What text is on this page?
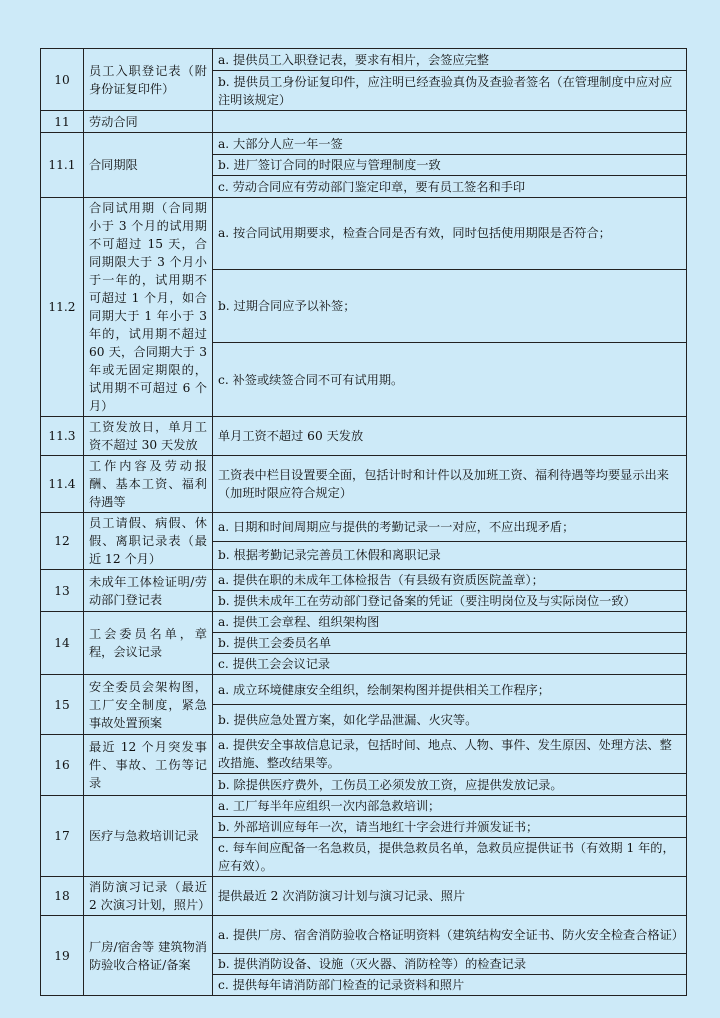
10	员工入职登记表（附身份证复印件）	a. 提供员工入职登记表，要求有相片，会签应完整
		b. 提供员工身份证复印件，应注明已经查验真伪及查验者签名（在管理制度中应对应注明该规定）
11	劳动合同	
11.1	合同期限	a. 大部分人应一年一签
		b. 进厂签订合同的时限应与管理制度一致
		c. 劳动合同应有劳动部门鉴定印章，要有员工签名和手印
11.2	合同试用期（合同期小于 3 个月的试用期不可超过 15 天，合同期限大于 3 个月小于一年的，试用期不可超过 1 个月，如合同期大于 1 年小于 3 年的，试用期不超过 60 天，合同期大于 3 年或无固定期限的，试用期不可超过 6 个月）	a. 按合同试用期要求，检查合同是否有效，同时包括使用期限是否符合；
		b. 过期合同应予以补签；
		c. 补签或续签合同不可有试用期。
11.3	工资发放日，单月工资不超过 30 天发放	单月工资不超过 60 天发放
11.4	工作内容及劳动报酬、基本工资、福利待遇等	工资表中栏目设置要全面，包括计时和计件以及加班工资、福利待遇等均要显示出来（加班时限应符合规定）
12	员工请假、病假、休假、离职记录表（最近 12 个月）	a. 日期和时间周期应与提供的考勤记录一一对应，不应出现矛盾；
		b. 根据考勤记录完善员工休假和离职记录
13	未成年工体检证明/劳动部门登记表	a. 提供在职的未成年工体检报告（有县级有资质医院盖章）；
		b. 提供未成年工在劳动部门登记备案的凭证（要注明岗位及与实际岗位一致）
14	工会委员名单，章程，会议记录	a. 提供工会章程、组织架构图
		b. 提供工会委员名单
		c. 提供工会会议记录
15	安全委员会架构图，工厂安全制度，紧急事故处置预案	a. 成立环境健康安全组织，绘制架构图并提供相关工作程序；
		b. 提供应急处置方案，如化学品泄漏、火灾等。
16	最近 12 个月突发事件、事故、工伤等记录	a. 提供安全事故信息记录，包括时间、地点、人物、事件、发生原因、处理方法、整改措施、整改结果等。
		b. 除提供医疗费外，工伤员工必须发放工资，应提供发放记录。
17	医疗与急救培训记录	a. 工厂每半年应组织一次内部急救培训；
		b. 外部培训应每年一次，请当地红十字会进行并颁发证书；
		c. 每车间应配备一名急救员，提供急救员名单，急救员应提供证书（有效期 1 年的，应有效）。
18	消防演习记录（最近 2 次演习计划，照片）	提供最近 2 次消防演习计划与演习记录、照片
19	厂房/宿舍等 建筑物消防验收合格证/备案	a. 提供厂房、宿舍消防验收合格证明资料（建筑结构安全证书、防火安全检查合格证）
		b. 提供消防设备、设施（灭火器、消防栓等）的检查记录
		c. 提供每年请消防部门检查的记录资料和照片
